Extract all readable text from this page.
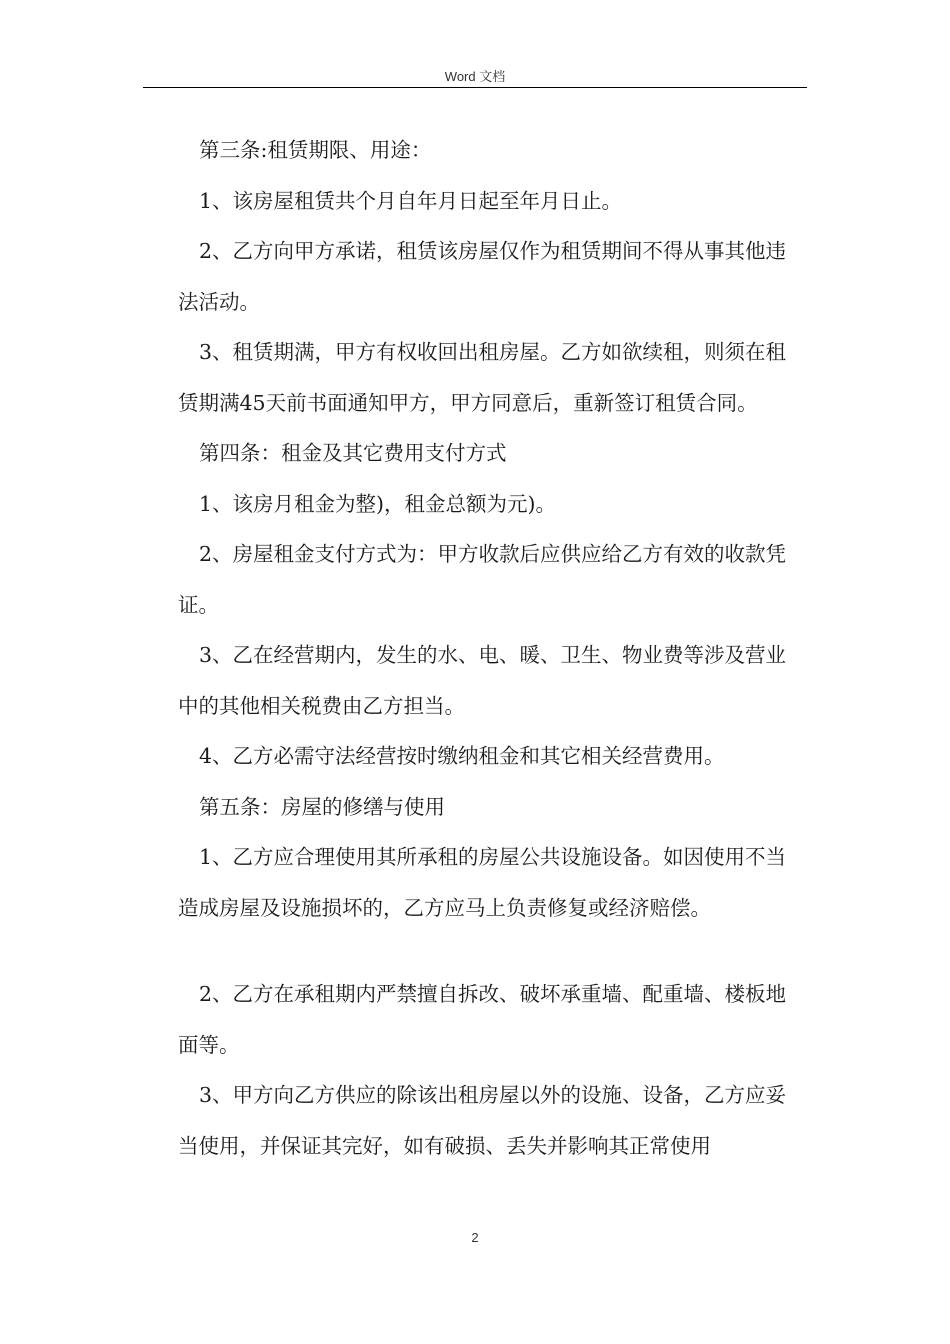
Word 文档

第三条:租赁期限、用途：

1、该房屋租赁共个月自年月日起至年月日止。

2、乙方向甲方承诺，租赁该房屋仅作为租赁期间不得从事其他违法活动。

3、租赁期满，甲方有权收回出租房屋。乙方如欲续租，则须在租赁期满45天前书面通知甲方，甲方同意后，重新签订租赁合同。

第四条：租金及其它费用支付方式

1、该房月租金为整)，租金总额为元)。

2、房屋租金支付方式为：甲方收款后应供应给乙方有效的收款凭证。

3、乙在经营期内，发生的水、电、暖、卫生、物业费等涉及营业中的其他相关税费由乙方担当。

4、乙方必需守法经营按时缴纳租金和其它相关经营费用。

第五条：房屋的修缮与使用

1、乙方应合理使用其所承租的房屋公共设施设备。如因使用不当造成房屋及设施损坏的，乙方应马上负责修复或经济赔偿。

2、乙方在承租期内严禁擅自拆改、破坏承重墙、配重墙、楼板地面等。

3、甲方向乙方供应的除该出租房屋以外的设施、设备，乙方应妥当使用，并保证其完好，如有破损、丢失并影响其正常使用

2
